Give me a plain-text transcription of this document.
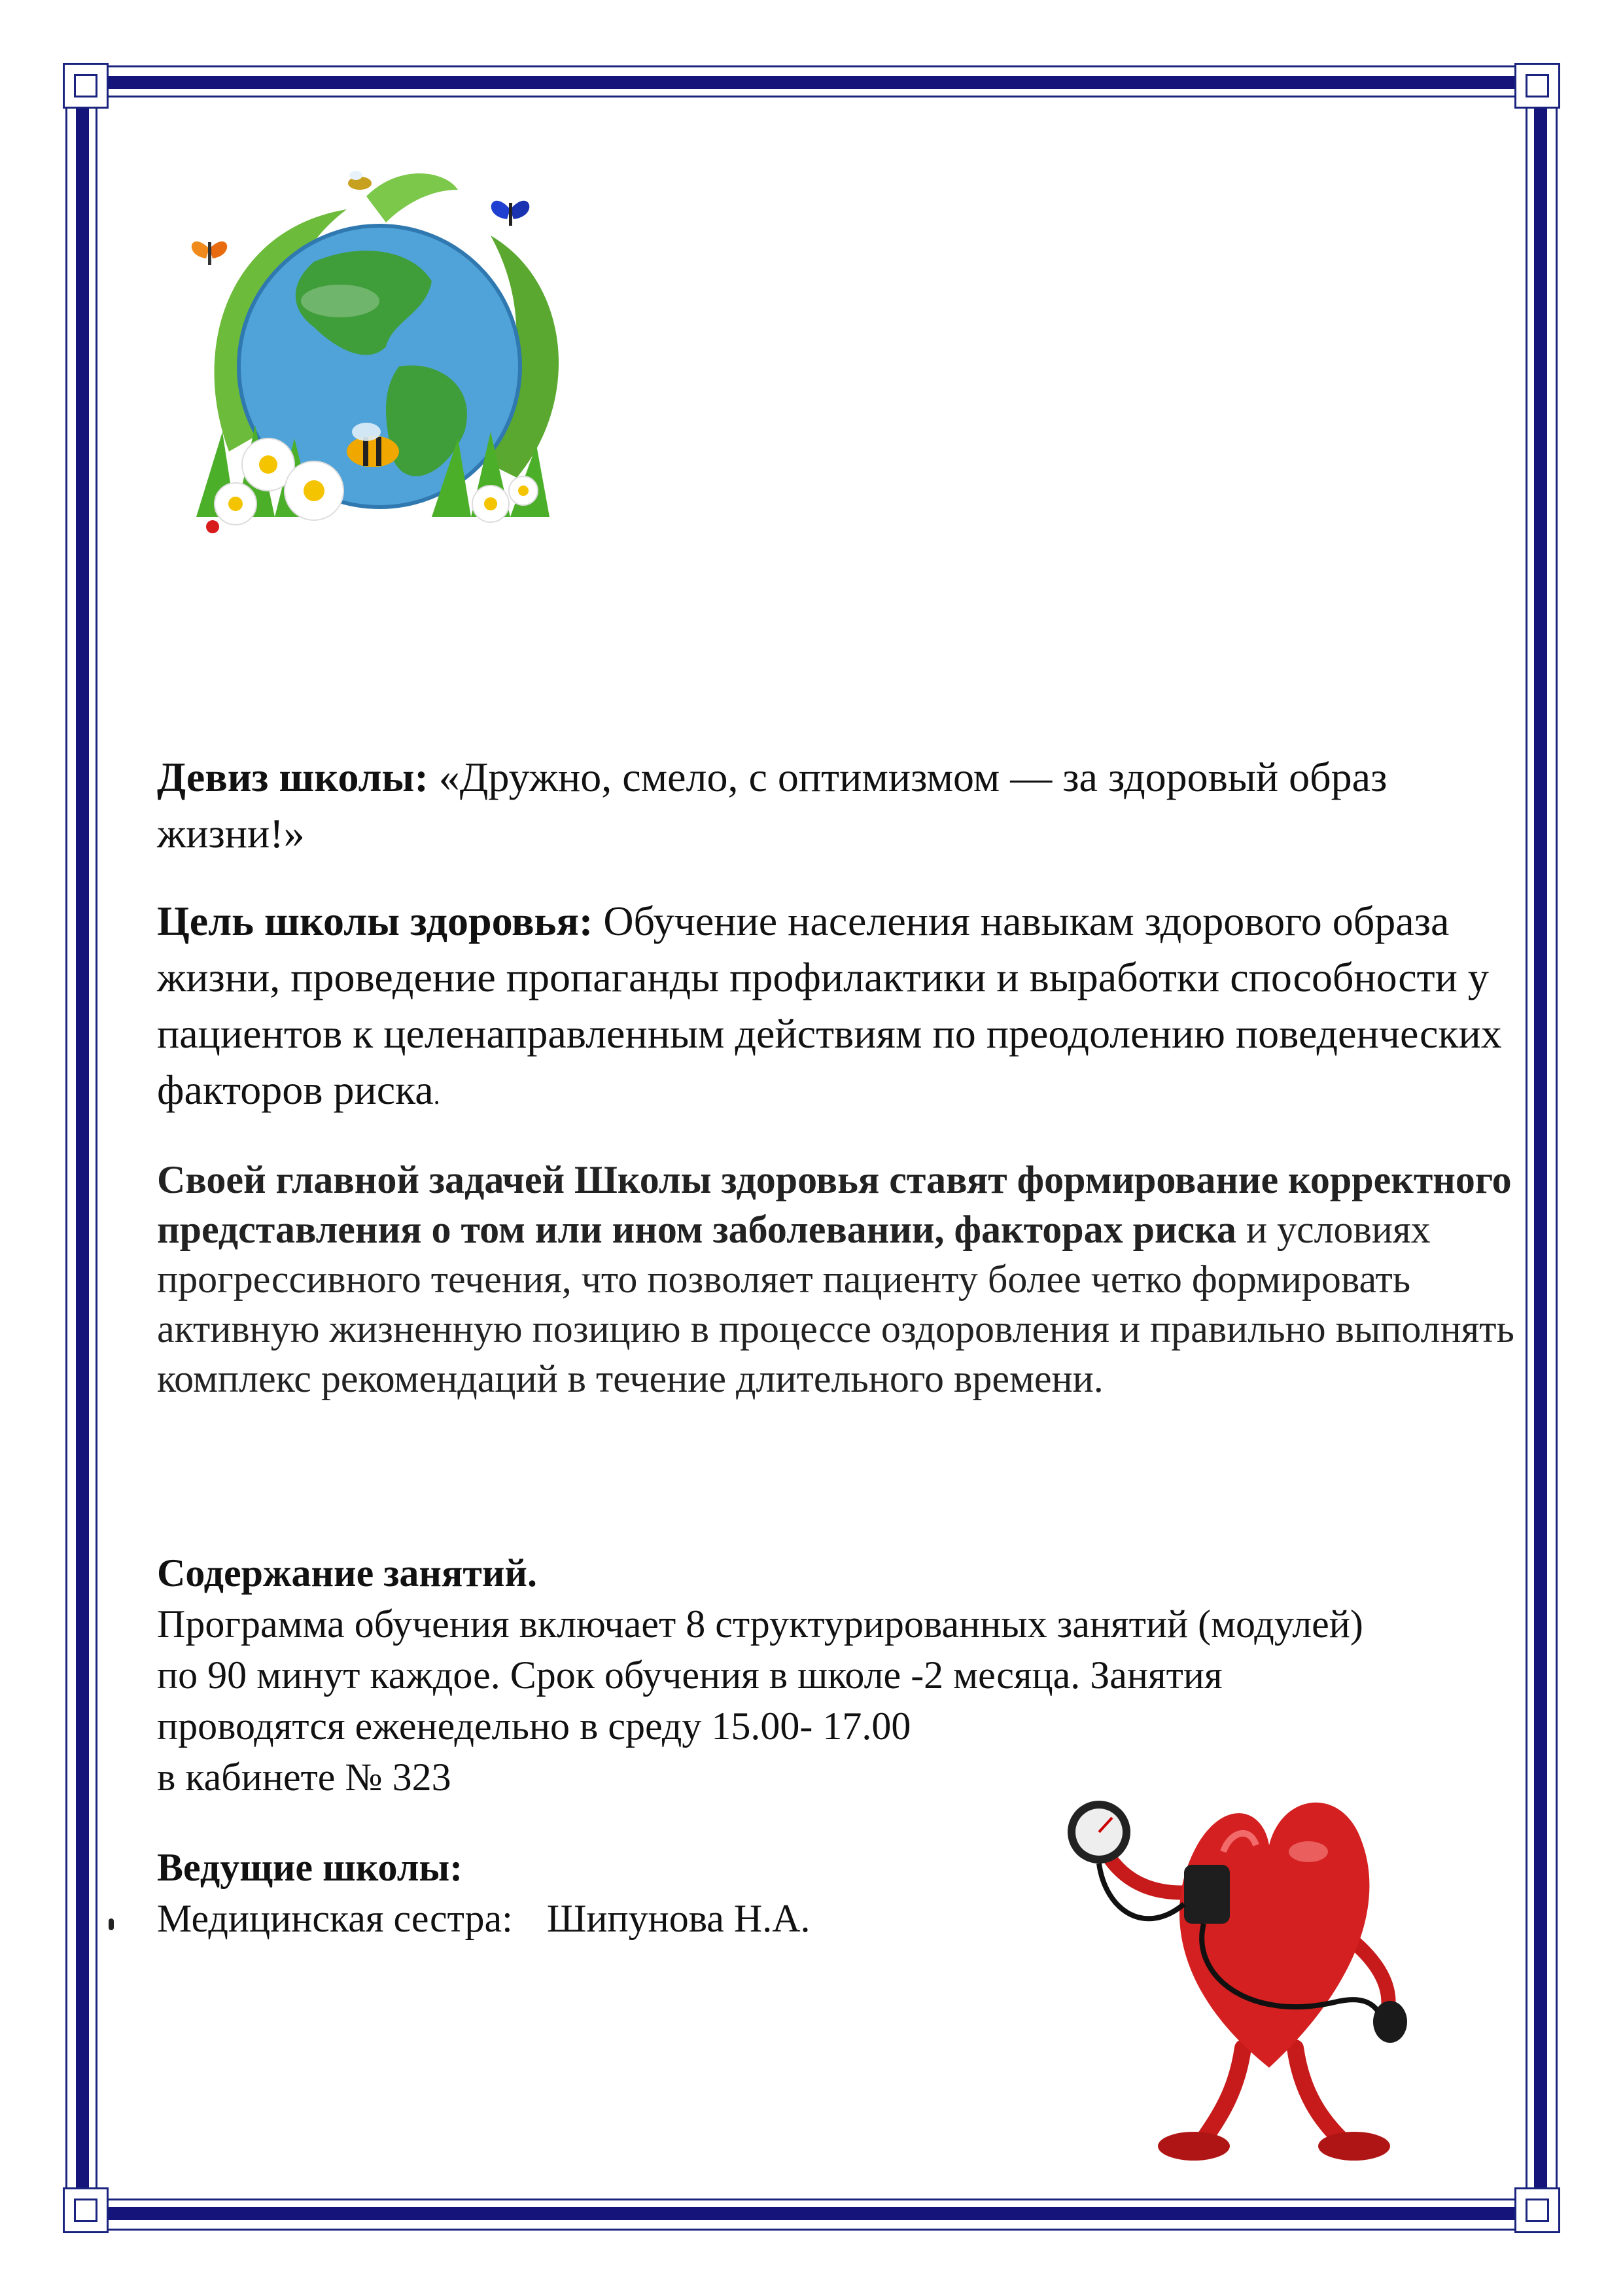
Девиз школы: «Дружно, смело, с оптимизмом — за здоровый образ жизни!»
Цель школы здоровья: Обучение населения навыкам здорового образа жизни, проведение пропаганды профилактики и выработки способности у пациентов к целенаправленным действиям по преодолению поведенческих факторов риска.
Своей главной задачей Школы здоровья ставят формирование корректного представления о том или ином заболевании, факторах риска и условиях прогрессивного течения, что позволяет пациенту более четко формировать активную жизненную позицию в процессе оздоровления и правильно выполнять комплекс рекомендаций в течение длительного времени.
Содержание занятий.
Программа обучения включает 8 структурированных занятий (модулей)
по 90 минут каждое. Срок обучения в школе -2 месяца. Занятия
проводятся еженедельно в среду 15.00- 17.00
в кабинете № 323
Ведущие школы:
Медицинская сестра: Шипунова Н.А.
